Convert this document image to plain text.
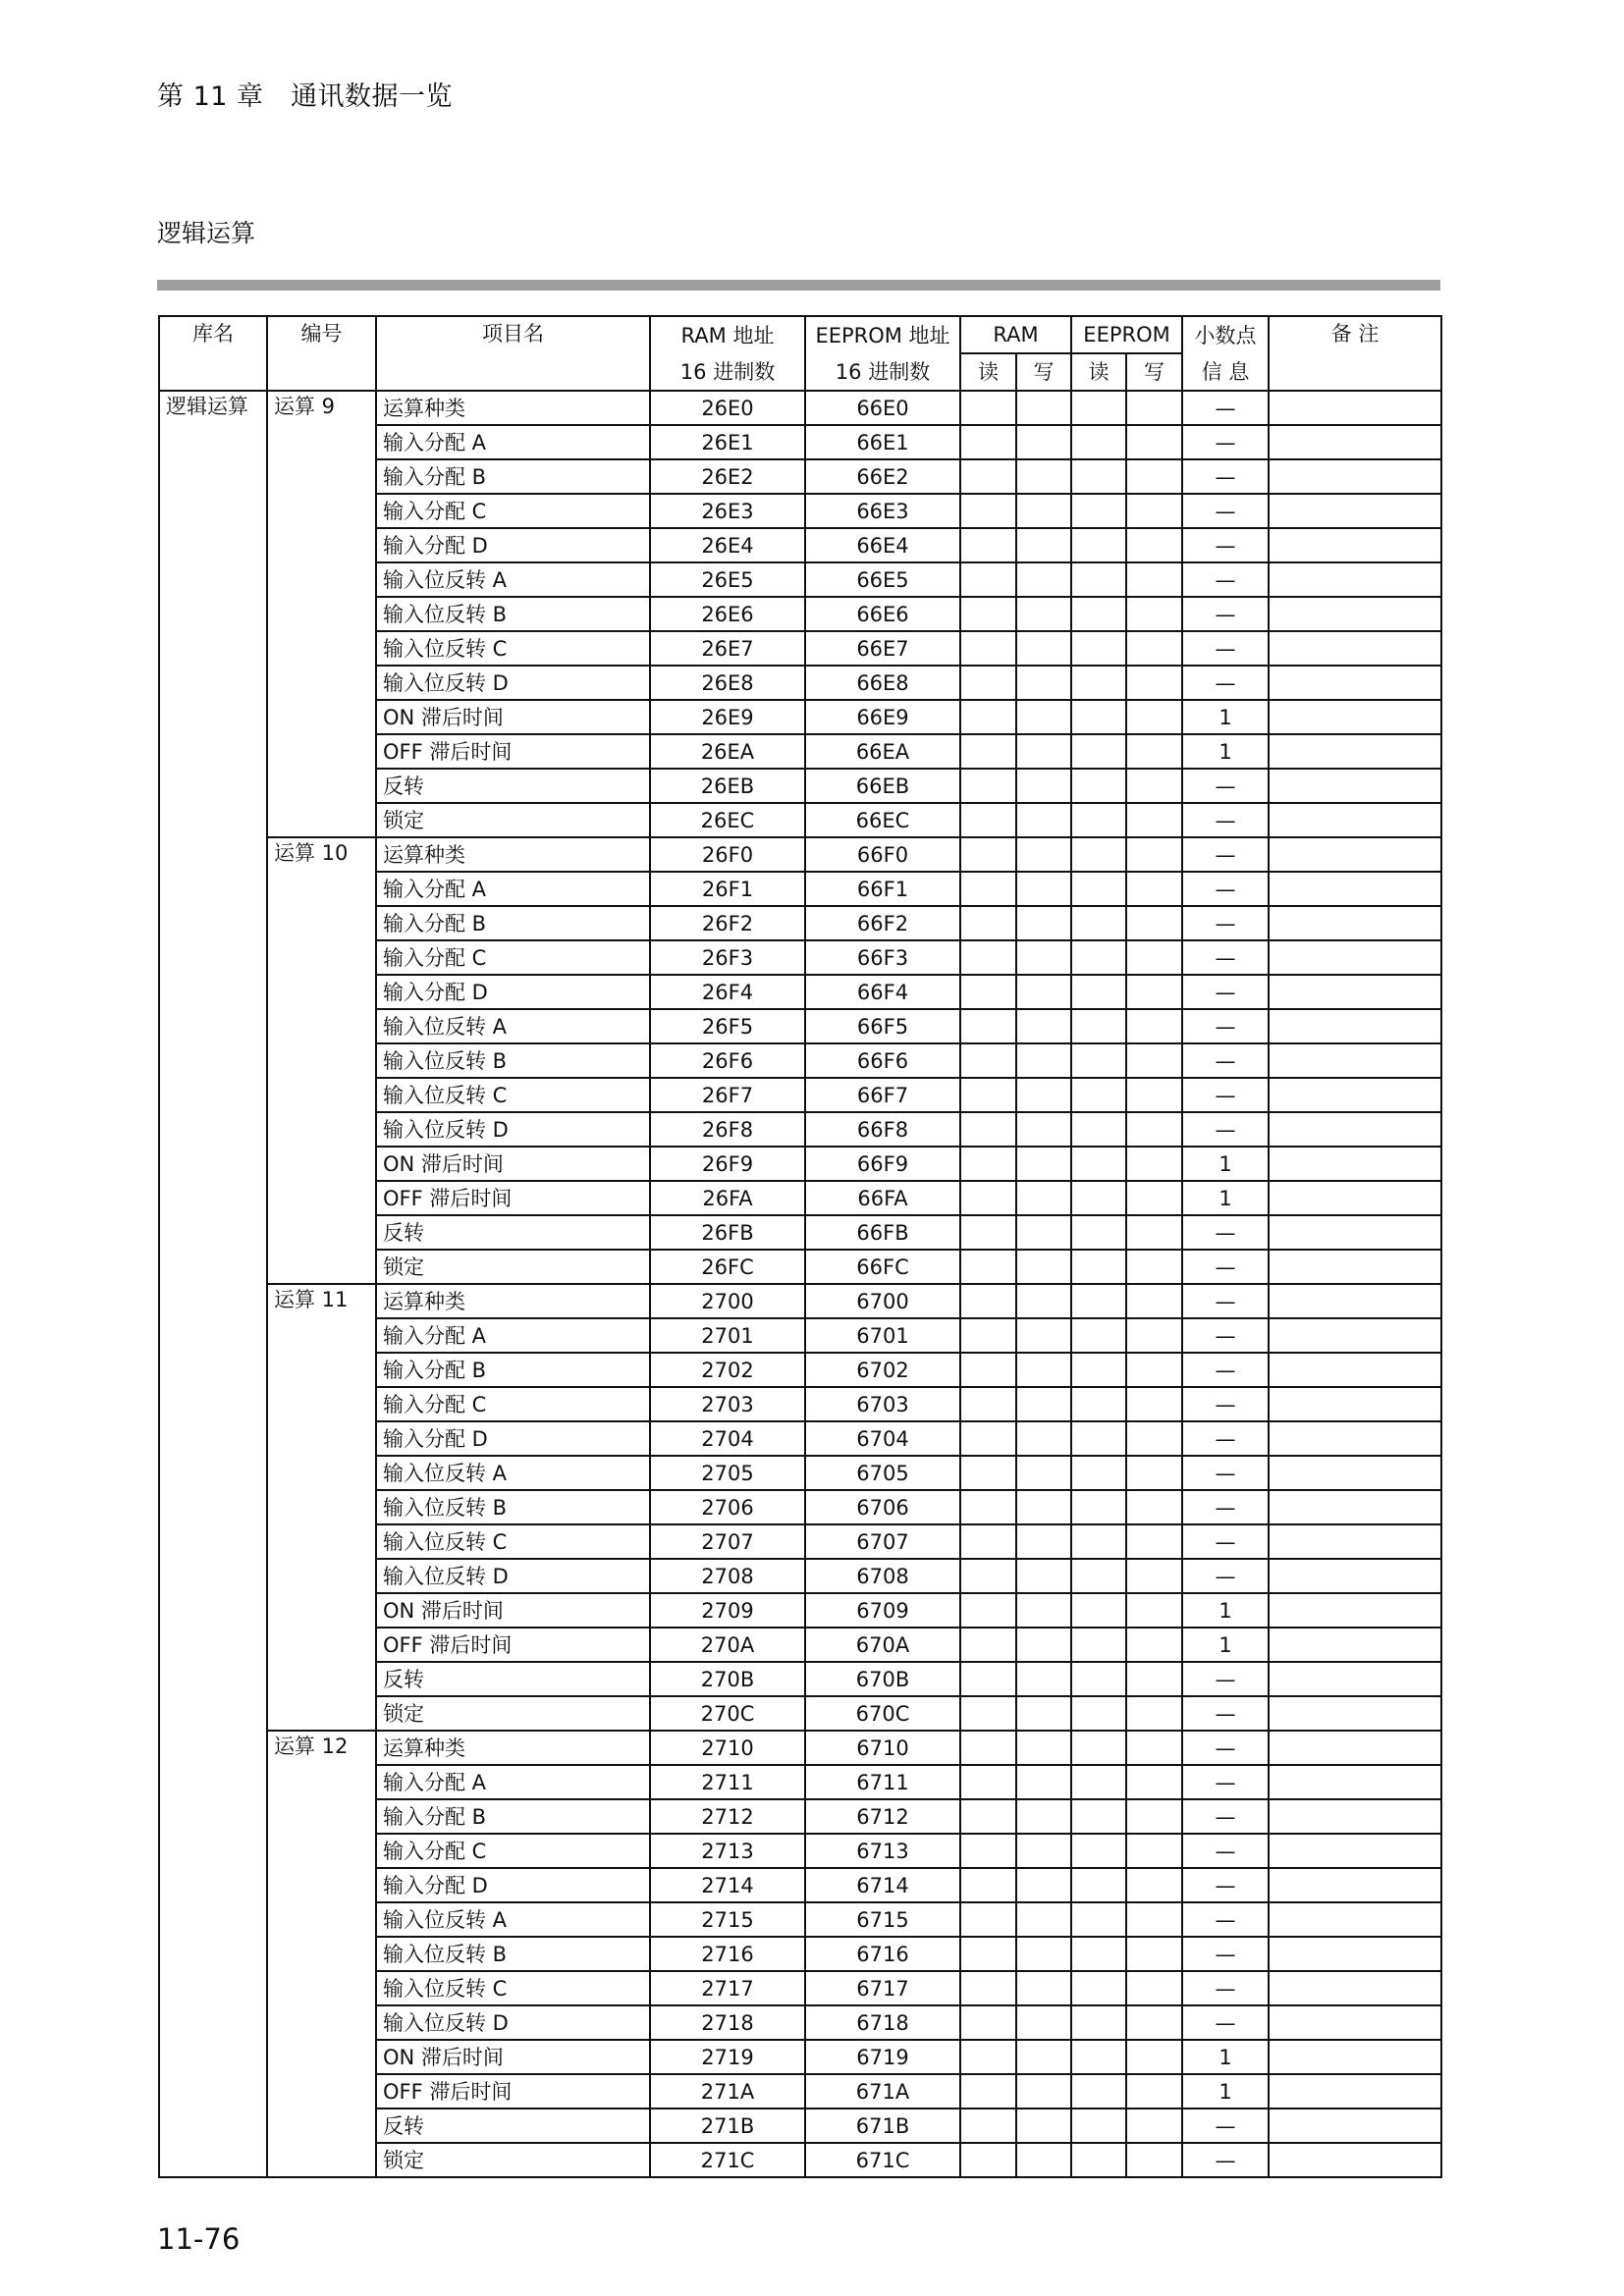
第 11 章　通讯数据一览
逻辑运算
库名	编号	项目名	RAM 地址	EEPROM 地址	RAM		EEPROM		小数点	备 注
			16 进制数	16 进制数	读	写	读	写	信 息	
逻辑运算	运算 9	运算种类	26E0	66E0					—	
		输入分配 A	26E1	66E1					—	
		输入分配 B	26E2	66E2					—	
		输入分配 C	26E3	66E3					—	
		输入分配 D	26E4	66E4					—	
		输入位反转 A	26E5	66E5					—	
		输入位反转 B	26E6	66E6					—	
		输入位反转 C	26E7	66E7					—	
		输入位反转 D	26E8	66E8					—	
		ON 滞后时间	26E9	66E9					1	
		OFF 滞后时间	26EA	66EA					1	
		反转	26EB	66EB					—	
		锁定	26EC	66EC					—	
	运算 10	运算种类	26F0	66F0					—	
		输入分配 A	26F1	66F1					—	
		输入分配 B	26F2	66F2					—	
		输入分配 C	26F3	66F3					—	
		输入分配 D	26F4	66F4					—	
		输入位反转 A	26F5	66F5					—	
		输入位反转 B	26F6	66F6					—	
		输入位反转 C	26F7	66F7					—	
		输入位反转 D	26F8	66F8					—	
		ON 滞后时间	26F9	66F9					1	
		OFF 滞后时间	26FA	66FA					1	
		反转	26FB	66FB					—	
		锁定	26FC	66FC					—	
	运算 11	运算种类	2700	6700					—	
		输入分配 A	2701	6701					—	
		输入分配 B	2702	6702					—	
		输入分配 C	2703	6703					—	
		输入分配 D	2704	6704					—	
		输入位反转 A	2705	6705					—	
		输入位反转 B	2706	6706					—	
		输入位反转 C	2707	6707					—	
		输入位反转 D	2708	6708					—	
		ON 滞后时间	2709	6709					1	
		OFF 滞后时间	270A	670A					1	
		反转	270B	670B					—	
		锁定	270C	670C					—	
	运算 12	运算种类	2710	6710					—	
		输入分配 A	2711	6711					—	
		输入分配 B	2712	6712					—	
		输入分配 C	2713	6713					—	
		输入分配 D	2714	6714					—	
		输入位反转 A	2715	6715					—	
		输入位反转 B	2716	6716					—	
		输入位反转 C	2717	6717					—	
		输入位反转 D	2718	6718					—	
		ON 滞后时间	2719	6719					1	
		OFF 滞后时间	271A	671A					1	
		反转	271B	671B					—	
		锁定	271C	671C					—	
11-76
